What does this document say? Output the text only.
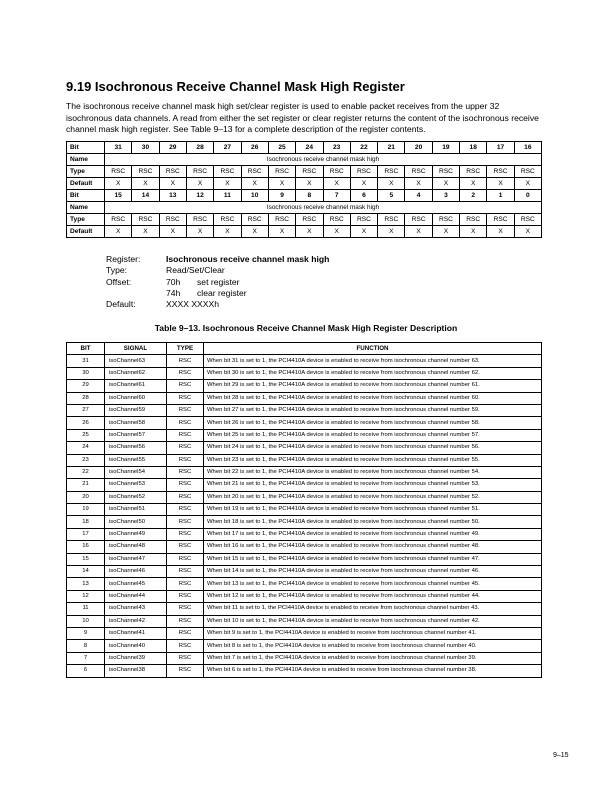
9.19 Isochronous Receive Channel Mask High Register
The isochronous receive channel mask high set/clear register is used to enable packet receives from the upper 32 isochronous data channels. A read from either the set register or clear register returns the content of the isochronous receive channel mask high register. See Table 9–13 for a complete description of the register contents.
Bit	31	30	29	28	27	26	25	24	23	22	21	20	19	18	17	16
Name	Isochronous receive channel mask high															
Type	RSC	RSC	RSC	RSC	RSC	RSC	RSC	RSC	RSC	RSC	RSC	RSC	RSC	RSC	RSC	RSC
Default	X	X	X	X	X	X	X	X	X	X	X	X	X	X	X	X
Bit	15	14	13	12	11	10	9	8	7	6	5	4	3	2	1	0
Name	Isochronous receive channel mask high															
Type	RSC	RSC	RSC	RSC	RSC	RSC	RSC	RSC	RSC	RSC	RSC	RSC	RSC	RSC	RSC	RSC
Default	X	X	X	X	X	X	X	X	X	X	X	X	X	X	X	X
Register:	Isochronous receive channel mask high
Type:	Read/Set/Clear
Offset:	70h	set register
74h	clear register
Default:	XXXX XXXXh
Table 9–13. Isochronous Receive Channel Mask High Register Description
BIT	SIGNAL	TYPE	FUNCTION
31	isoChannel63	RSC	When bit 31 is set to 1, the PCI4410A device is enabled to receive from isochronous channel number 63.
30	isoChannel62	RSC	When bit 30 is set to 1, the PCI4410A device is enabled to receive from isochronous channel number 62.
29	isoChannel61	RSC	When bit 29 is set to 1, the PCI4410A device is enabled to receive from isochronous channel number 61.
28	isoChannel60	RSC	When bit 28 is set to 1, the PCI4410A device is enabled to receive from isochronous channel number 60.
27	isoChannel59	RSC	When bit 27 is set to 1, the PCI4410A device is enabled to receive from isochronous channel number 59.
26	isoChannel58	RSC	When bit 26 is set to 1, the PCI4410A device is enabled to receive from isochronous channel number 58.
25	isoChannel57	RSC	When bit 25 is set to 1, the PCI4410A device is enabled to receive from isochronous channel number 57.
24	isoChannel56	RSC	When bit 24 is set to 1, the PCI4410A device is enabled to receive from isochronous channel number 56.
23	isoChannel55	RSC	When bit 23 is set to 1, the PCI4410A device is enabled to receive from isochronous channel number 55.
22	isoChannel54	RSC	When bit 22 is set to 1, the PCI4410A device is enabled to receive from isochronous channel number 54.
21	isoChannel53	RSC	When bit 21 is set to 1, the PCI4410A device is enabled to receive from isochronous channel number 53.
20	isoChannel52	RSC	When bit 20 is set to 1, the PCI4410A device is enabled to receive from isochronous channel number 52.
19	isoChannel51	RSC	When bit 19 is set to 1, the PCI4410A device is enabled to receive from isochronous channel number 51.
18	isoChannel50	RSC	When bit 18 is set to 1, the PCI4410A device is enabled to receive from isochronous channel number 50.
17	isoChannel49	RSC	When bit 17 is set to 1, the PCI4410A device is enabled to receive from isochronous channel number 49.
16	isoChannel48	RSC	When bit 16 is set to 1, the PCI4410A device is enabled to receive from isochronous channel number 48.
15	isoChannel47	RSC	When bit 15 is set to 1, the PCI4410A device is enabled to receive from isochronous channel number 47.
14	isoChannel46	RSC	When bit 14 is set to 1, the PCI4410A device is enabled to receive from isochronous channel number 46.
13	isoChannel45	RSC	When bit 13 is set to 1, the PCI4410A device is enabled to receive from isochronous channel number 45.
12	isoChannel44	RSC	When bit 12 is set to 1, the PCI4410A device is enabled to receive from isochronous channel number 44.
11	isoChannel43	RSC	When bit 11 is set to 1, the PCI4410A device is enabled to receive from isochronous channel number 43.
10	isoChannel42	RSC	When bit 10 is set to 1, the PCI4410A device is enabled to receive from isochronous channel number 42.
9	isoChannel41	RSC	When bit 9 is set to 1, the PCI4410A device is enabled to receive from isochronous channel number 41.
8	isoChannel40	RSC	When bit 8 is set to 1, the PCI4410A device is enabled to receive from isochronous channel number 40.
7	isoChannel39	RSC	When bit 7 is set to 1, the PCI4410A device is enabled to receive from isochronous channel number 39.
6	isoChannel38	RSC	When bit 6 is set to 1, the PCI4410A device is enabled to receive from isochronous channel number 38.
9–15
